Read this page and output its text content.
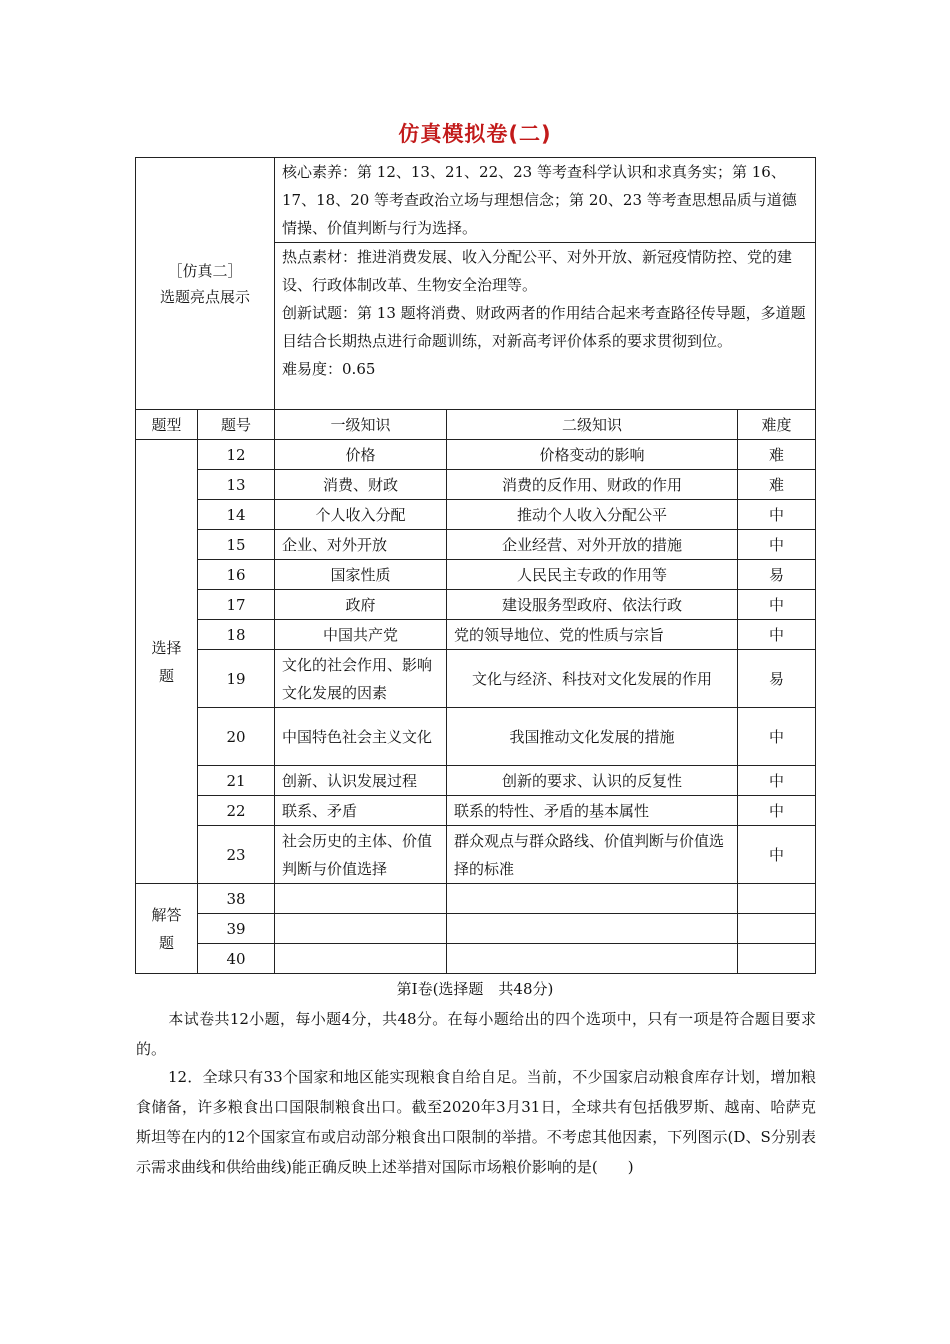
仿真模拟卷(二)
［仿真二］
选题亮点展示		核心素养：第 12、13、21、22、23 等考查科学认识和求真务实；第 16、17、18、20 等考查政治立场与理想信念；第 20、23 等考查思想品质与道德情操、价值判断与行为选择。		

		热点素材：推进消费发展、收入分配公平、对外开放、新冠疫情防控、党的建设、行政体制改革、生物安全治理等。
创新试题：第 13 题将消费、财政两者的作用结合起来考查路径传导题，多道题目结合长期热点进行命题训练，对新高考评价体系的要求贯彻到位。
难易度：0.65		

题型	题号	一级知识	二级知识	难度

选择
题	12	价格	价格变动的影响	难
	13	消费、财政	消费的反作用、财政的作用	难
	14	个人收入分配	推动个人收入分配公平	中
	15	企业、对外开放	企业经营、对外开放的措施	中
	16	国家性质	人民民主专政的作用等	易
	17	政府	建设服务型政府、依法行政	中
	18	中国共产党	党的领导地位、党的性质与宗旨	中
	19	文化的社会作用、影响文化发展的因素	文化与经济、科技对文化发展的作用	易
	20	中国特色社会主义文化	我国推动文化发展的措施	中
	21	创新、认识发展过程	创新的要求、认识的反复性	中
	22	联系、矛盾	联系的特性、矛盾的基本属性	中
	23	社会历史的主体、价值判断与价值选择	群众观点与群众路线、价值判断与价值选择的标准	中

解答
题	38			
	39			
	40			
第Ⅰ卷(选择题　共48分)

本试卷共12小题，每小题4分，共48分。在每小题给出的四个选项中，只有一项是符合题目要求的。

12．全球只有33个国家和地区能实现粮食自给自足。当前，不少国家启动粮食库存计划，增加粮食储备，许多粮食出口国限制粮食出口。截至2020年3月31日，全球共有包括俄罗斯、越南、哈萨克斯坦等在内的12个国家宣布或启动部分粮食出口限制的举措。不考虑其他因素，下列图示(D、S分别表示需求曲线和供给曲线)能正确反映上述举措对国际市场粮价影响的是(　　)
